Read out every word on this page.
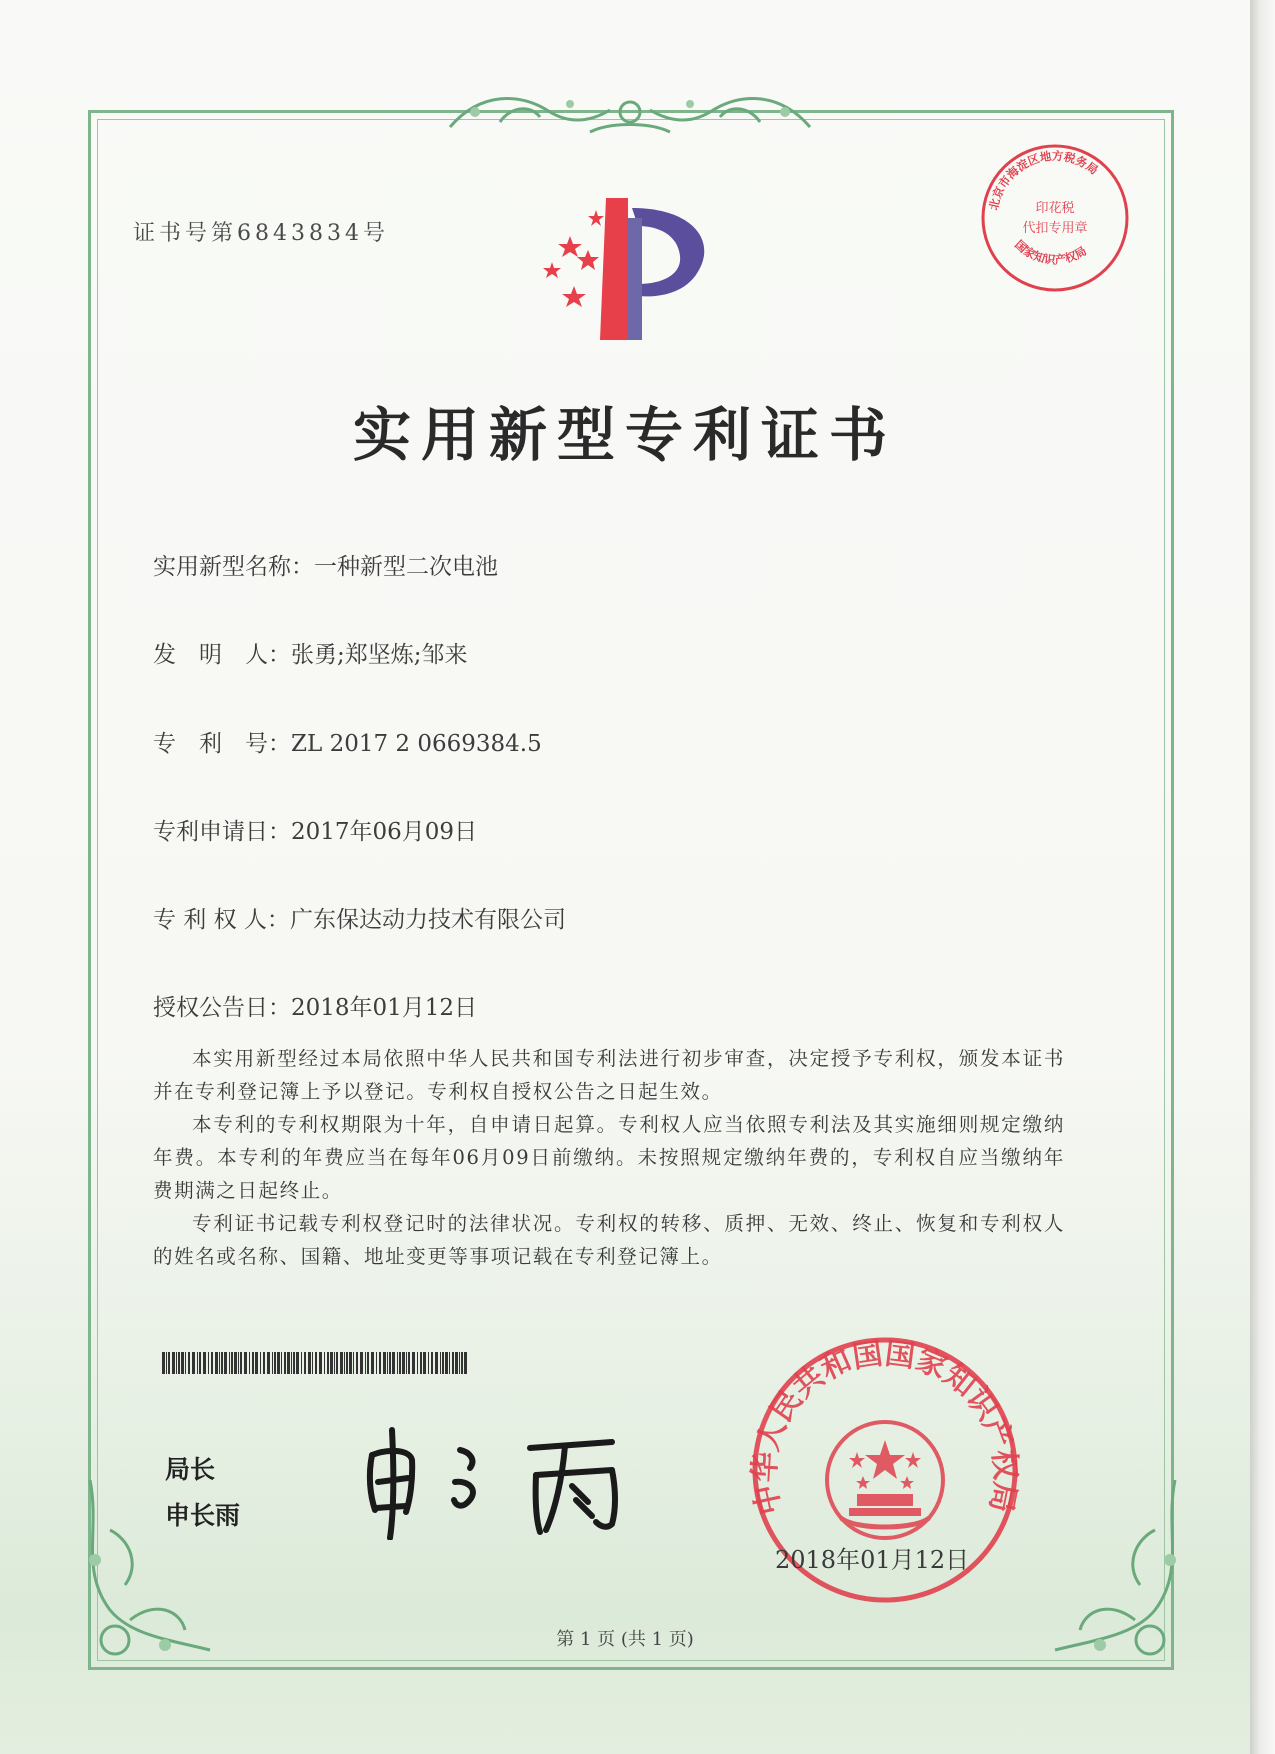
证书号第6843834号
北京市海淀区地方税务局
国家知识产权局
印花税
代扣专用章
实用新型专利证书
实用新型名称：一种新型二次电池
发　明　人：张勇;郑坚炼;邹来
专　利　号：ZL 2017 2 0669384.5
专利申请日：2017年06月09日
专 利 权 人：广东保达动力技术有限公司
授权公告日：2018年01月12日

本实用新型经过本局依照中华人民共和国专利法进行初步审查，决定授予专利权，颁发本证书并在专利登记簿上予以登记。专利权自授权公告之日起生效。

本专利的专利权期限为十年，自申请日起算。专利权人应当依照专利法及其实施细则规定缴纳年费。本专利的年费应当在每年06月09日前缴纳。未按照规定缴纳年费的，专利权自应当缴纳年费期满之日起终止。

专利证书记载专利权登记时的法律状况。专利权的转移、质押、无效、终止、恢复和专利权人的姓名或名称、国籍、地址变更等事项记载在专利登记簿上。

局长
申长雨	中华人民共和国国家知识产权局
2018年01月12日
第 1 页 (共 1 页)
